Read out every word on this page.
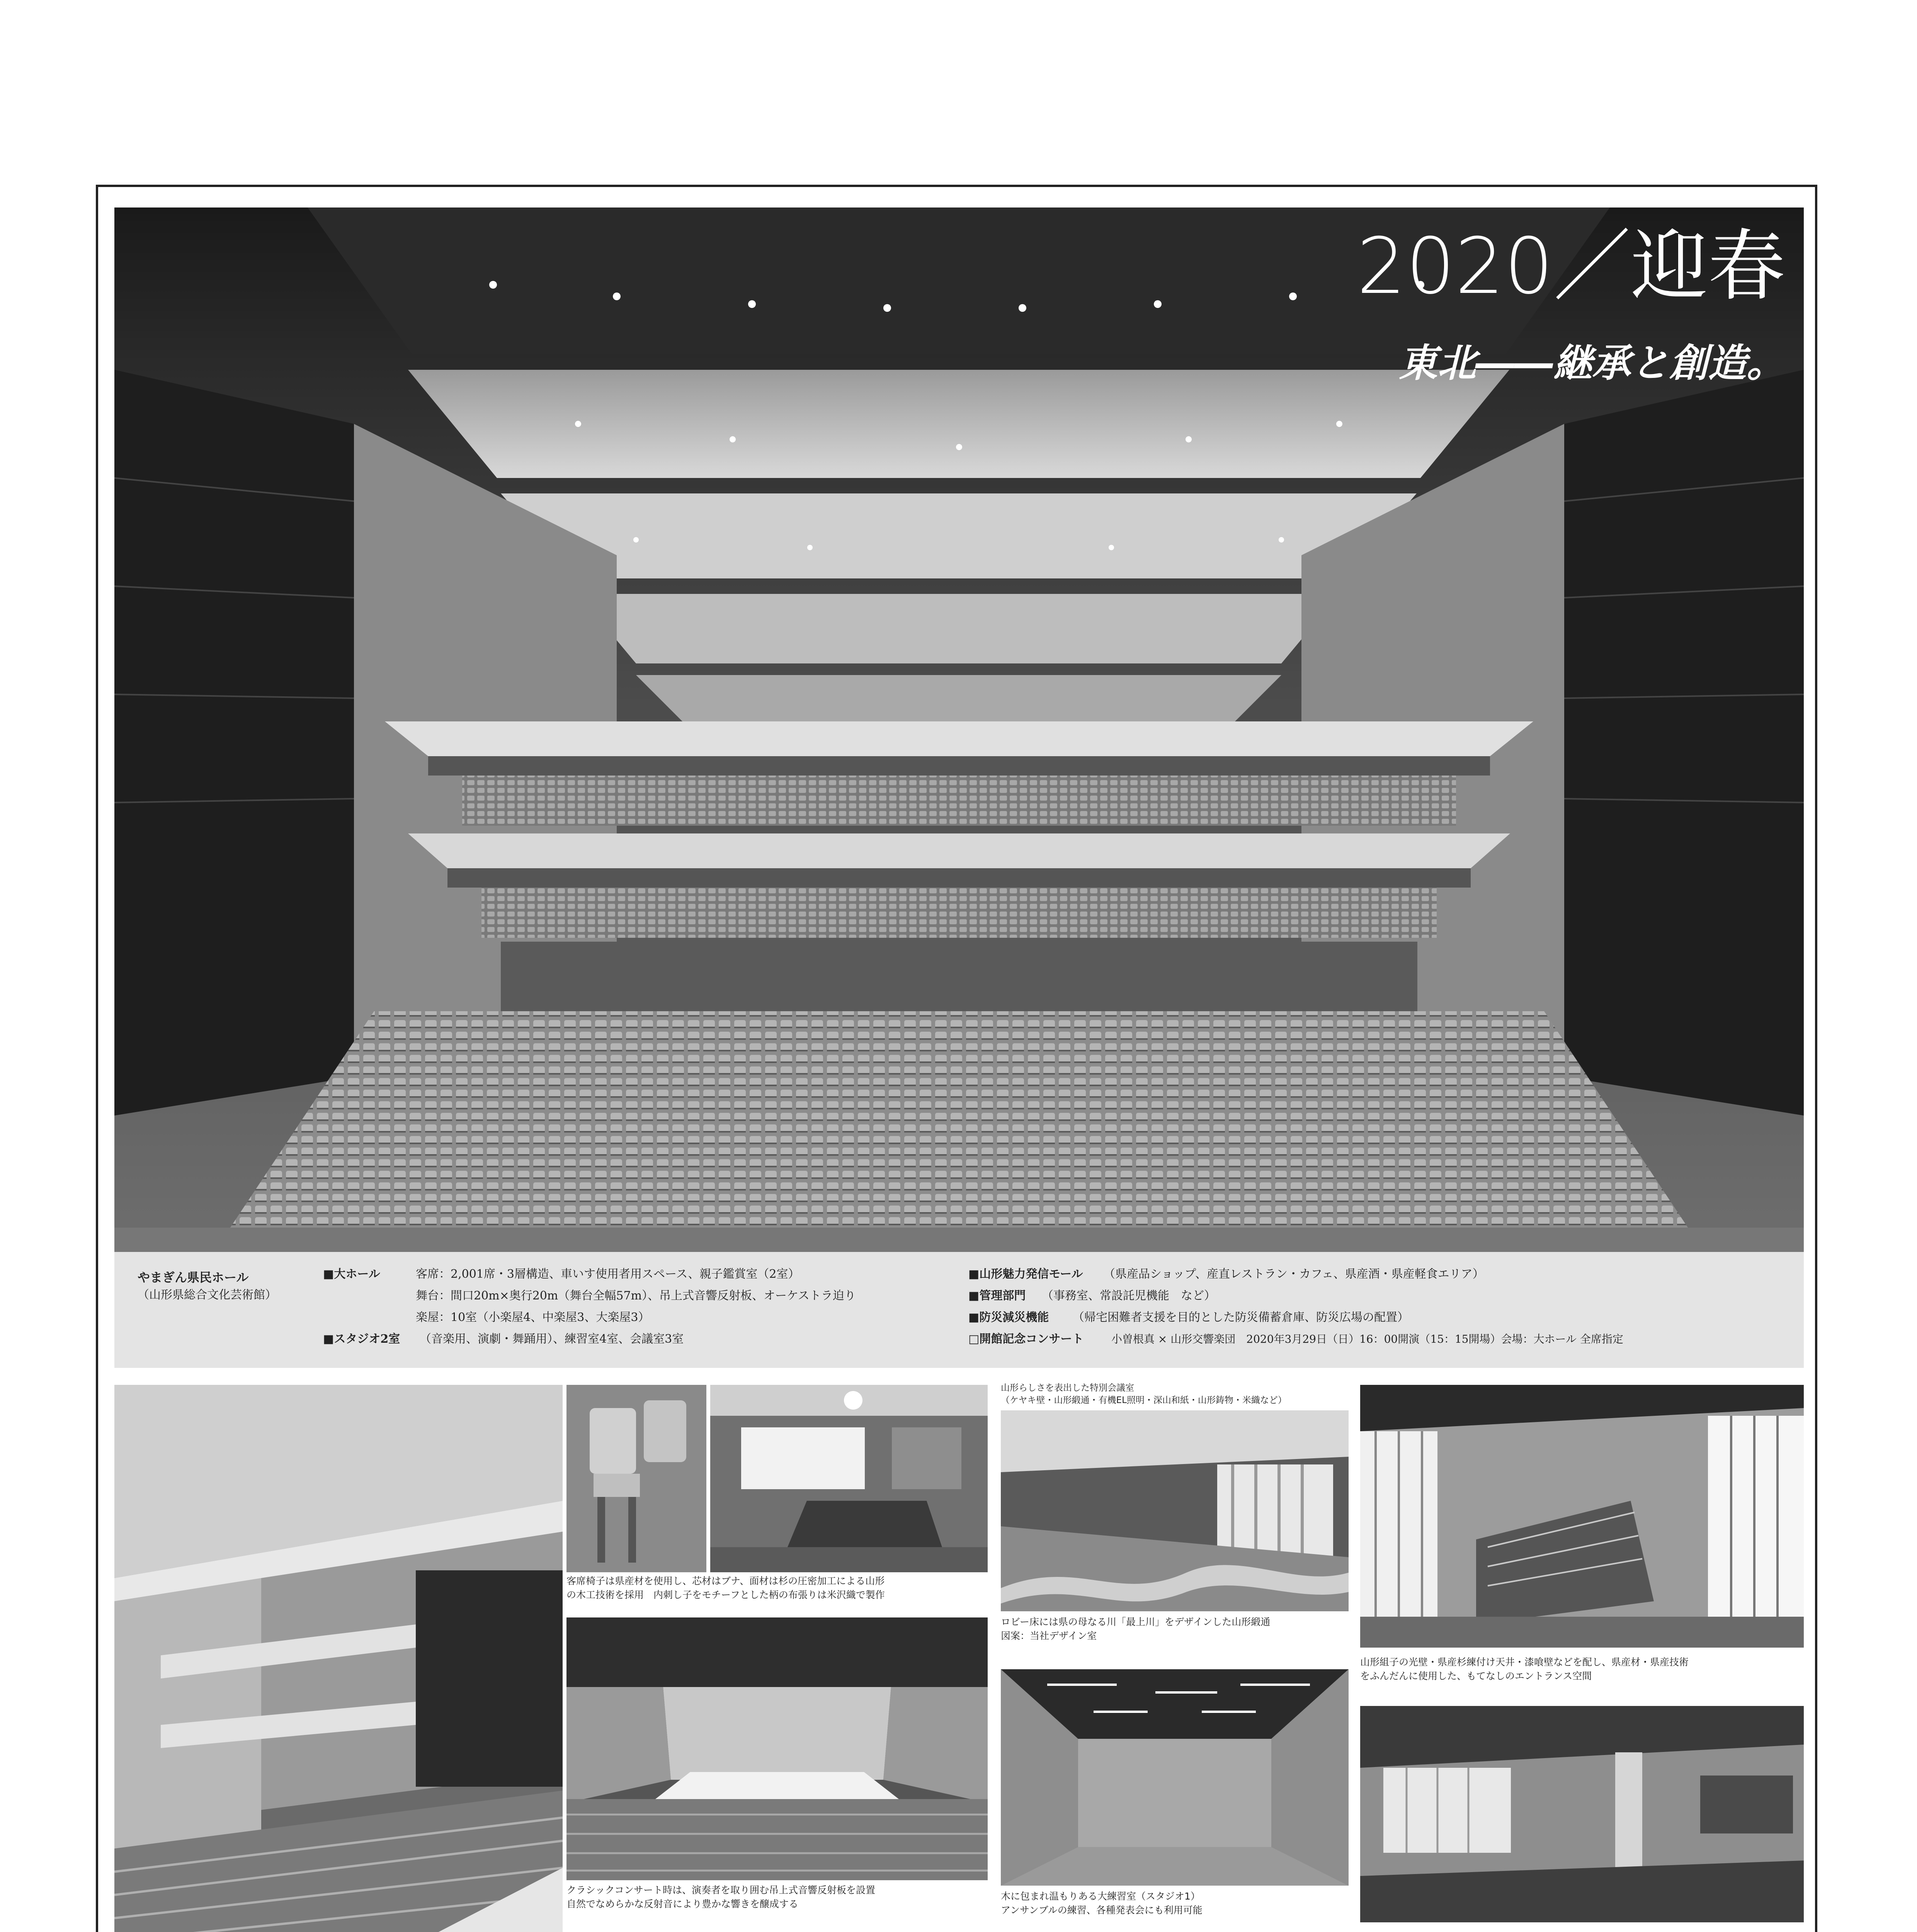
2020／迎春
東北――継承と創造。
やまぎん県民ホール
（山形県総合文化芸術館）
■大ホール	客席：2,001席・3層構造、車いす使用者用スペース、親子鑑賞室（2室）
舞台：間口20m×奥行20m（舞台全幅57m）、吊上式音響反射板、オーケストラ迫り
楽屋：10室（小楽屋4、中楽屋3、大楽屋3）
■スタジオ2室 （音楽用、演劇・舞踊用）、練習室4室、会議室3室
■山形魅力発信モール （県産品ショップ、産直レストラン・カフェ、県産酒・県産軽食エリア）
■管理部門 （事務室、常設託児機能　など）
■防災減災機能 （帰宅困難者支援を目的とした防災備蓄倉庫、防災広場の配置）
□開館記念コンサート	小曽根真 × 山形交響楽団　2020年3月29日（日）16：00開演（15：15開場）会場：大ホール 全席指定
客席椅子は県産材を使用し、芯材はブナ、面材は杉の圧密加工による山形
の木工技術を採用　内刺し子をモチーフとした柄の布張りは米沢織で製作
山形らしさを表出した特別会議室
（ケヤキ壁・山形緞通・有機EL照明・深山和紙・山形鋳物・米織など）
ロビー床には県の母なる川「最上川」をデザインした山形緞通
図案：当社デザイン室
山形組子の光壁・県産杉練付け天井・漆喰壁などを配し、県産材・県産技術
をふんだんに使用した、もてなしのエントランス空間
クラシックコンサート時は、演奏者を取り囲む吊上式音響反射板を設置
自然でなめらかな反射音により豊かな響きを醸成する
木に包まれ温もりある大練習室（スタジオ1）
アンサンブルの練習、各種発表会にも利用可能
